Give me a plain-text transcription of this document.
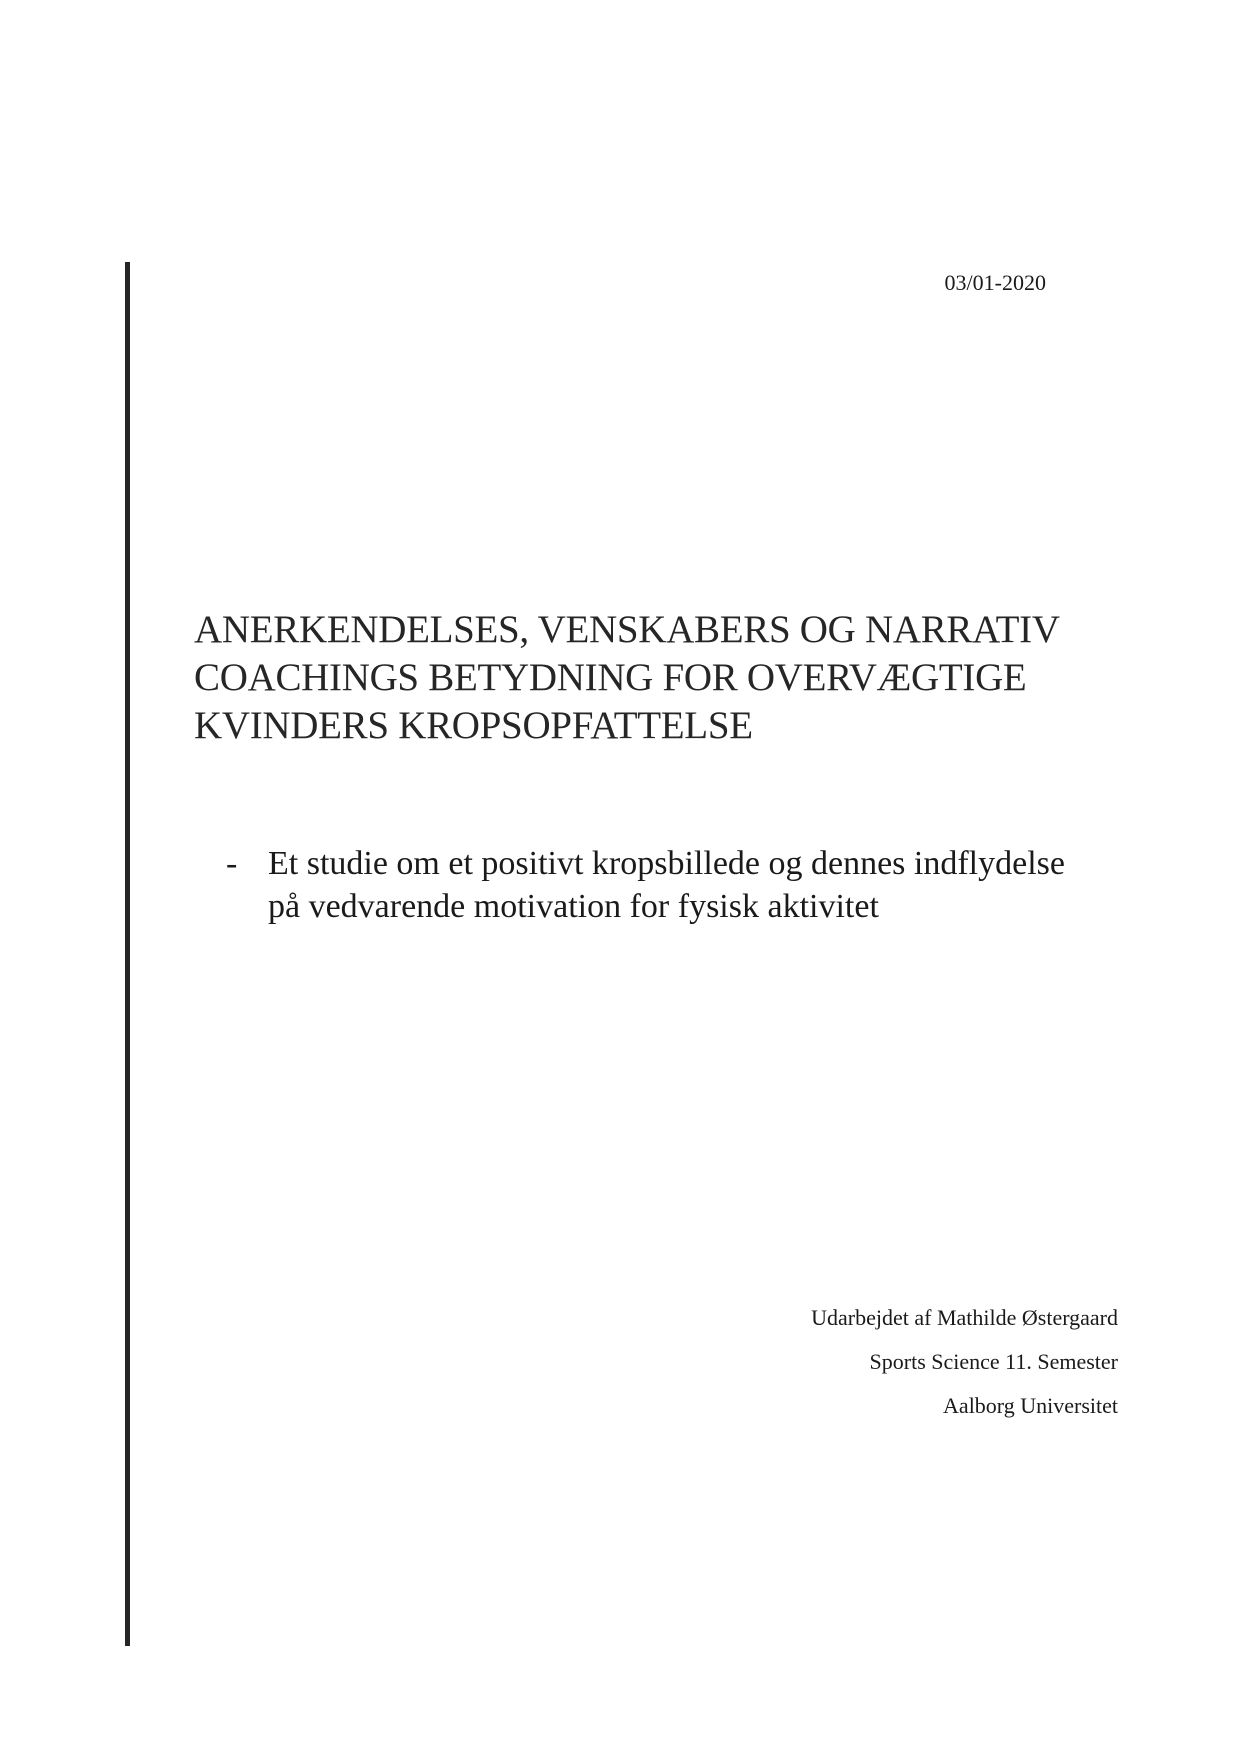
03/01-2020
ANERKENDELSES, VENSKABERS OG NARRATIV
COACHINGS BETYDNING FOR OVERVÆGTIGE
KVINDERS KROPSOPFATTELSE
- Et studie om et positivt kropsbillede og dennes indflydelse
på vedvarende motivation for fysisk aktivitet
Udarbejdet af Mathilde Østergaard
Sports Science 11. Semester
Aalborg Universitet
